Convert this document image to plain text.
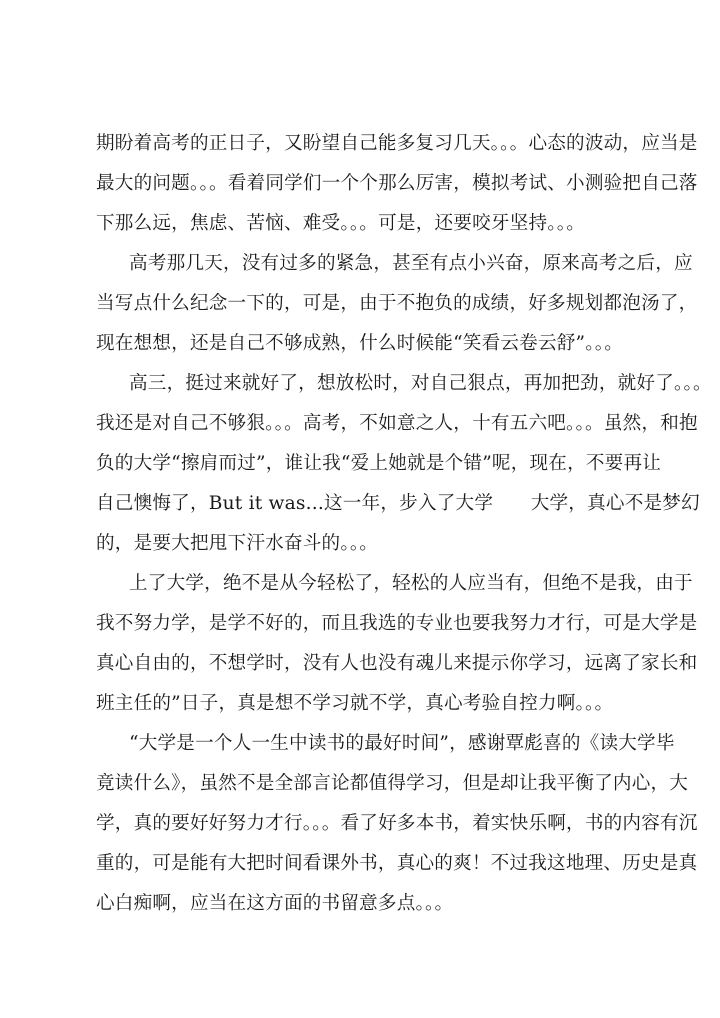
期盼着高考的正日子，又盼望自己能多复习几天。。。心态的波动，应当是
最大的问题。。。看着同学们一个个那么厉害，模拟考试、小测验把自己落
下那么远，焦虑、苦恼、难受。。。可是，还要咬牙坚持。。。
高考那几天，没有过多的紧急，甚至有点小兴奋，原来高考之后，应
当写点什么纪念一下的，可是，由于不抱负的成绩，好多规划都泡汤了，
现在想想，还是自己不够成熟，什么时候能“笑看云卷云舒”。。。
高三，挺过来就好了，想放松时，对自己狠点，再加把劲，就好了。。。
我还是对自己不够狠。。。高考，不如意之人，十有五六吧。。。虽然，和抱
负的大学“擦肩而过”，谁让我“爱上她就是个错”呢，现在，不要再让
自己懊悔了，But it was...这一年，步入了大学　　大学，真心不是梦幻
的，是要大把甩下汗水奋斗的。。。
上了大学，绝不是从今轻松了，轻松的人应当有，但绝不是我，由于
我不努力学，是学不好的，而且我选的专业也要我努力才行，可是大学是
真心自由的，不想学时，没有人也没有魂儿来提示你学习，远离了家长和
班主任的”日子，真是想不学习就不学，真心考验自控力啊。。。
“大学是一个人一生中读书的最好时间”，感谢覃彪喜的《读大学毕
竟读什么》，虽然不是全部言论都值得学习，但是却让我平衡了内心，大
学，真的要好好努力才行。。。看了好多本书，着实快乐啊，书的内容有沉
重的，可是能有大把时间看课外书，真心的爽！不过我这地理、历史是真
心白痴啊，应当在这方面的书留意多点。。。
